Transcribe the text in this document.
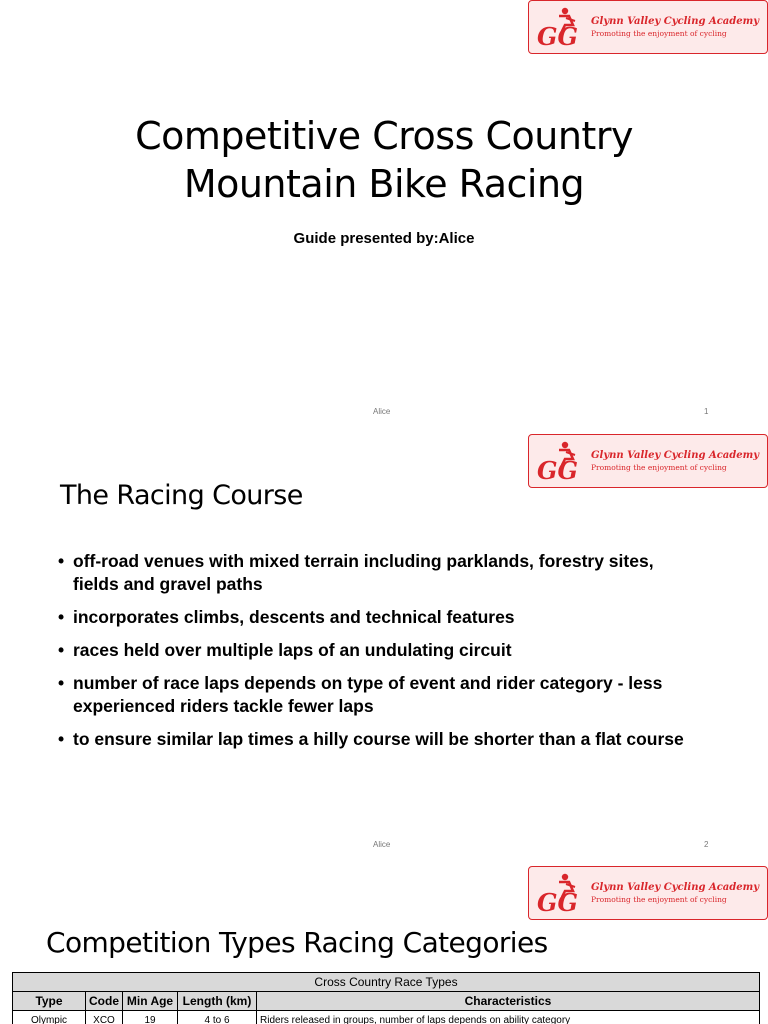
GG
Glynn Valley Cycling Academy
Promoting the enjoyment of cycling
Competitive Cross Country
Mountain Bike Racing
Guide presented by:Alice
Alice	1
GG
Glynn Valley Cycling Academy
Promoting the enjoyment of cycling
The Racing Course
• off-road venues with mixed terrain including parklands, forestry sites, fields and gravel paths
• incorporates climbs, descents and technical features
• races held over multiple laps of an undulating circuit
• number of race laps depends on type of event and rider category - less experienced riders tackle fewer laps
• to ensure similar lap times a hilly course will be shorter than a flat course
Alice	2
GG
Glynn Valley Cycling Academy
Promoting the enjoyment of cycling
Competition Types Racing Categories
Cross Country Race Types				
Type	Code	Min Age	Length (km)	Characteristics
Olympic	XCO	19	4 to 6	Riders released in groups, number of laps depends on ability category
